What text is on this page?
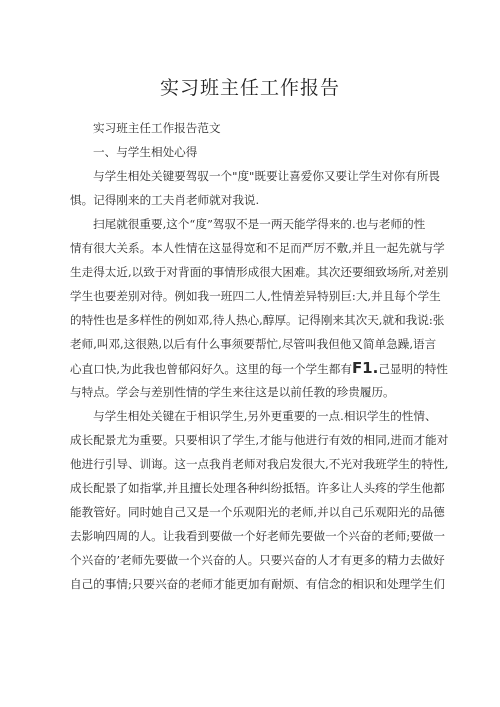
实习班主任工作报告

实习班主任工作报告范文

一、与学生相处心得

与学生相处关键要驾驭一个"度"既要让喜爱你又要让学生对你有所畏

惧。记得刚来的工夫肖老师就对我说.

扫尾就很重要,这个“度”驾驭不是一两天能学得来的.也与老师的性

情有很大关系。本人性情在这显得宽和不足而严厉不敷,并且一起先就与学

生走得太近,以致于对背面的事情形成很大困难。其次还要细致场所,对差别

学生也要差别对待。例如我一班四二人,性情差异特别巨:大,并且每个学生

的特性也是多样性的例如邓,待人热心,醇厚。记得刚来其次天,就和我说:张

老师,叫邓,这很熟,以后有什么事须要帮忙,尽管叫我但他又简单急躁,语言

心直口快,为此我也曾郁闷好久。这里的每一个学生都有F1.己显明的特性

与特点。学会与差别性情的学生来往这是以前任教的珍贵履历。

与学生相处关键在于相识学生,另外更重要的一点.相识学生的性情、

成长配景尤为重要。只要相识了学生,才能与他进行有效的相同,进而才能对

他进行引导、训诲。这一点我肖老师对我启发很大,不光对我班学生的特性,

成长配景了如指掌,并且擅长处理各种纠纷抵牾。许多让人头疼的学生他都

能教管好。同时她自己又是一个乐观阳光的老师,并以自己乐观阳光的品德

去影响四周的人。让我看到要做一个好老师先要做一个兴奋的老师;要做一

个兴奋的’老师先要做一个兴奋的人。只要兴奋的人才有更多的精力去做好

自己的事情;只要兴奋的老师才能更加有耐烦、有信念的相识和处理学生们
